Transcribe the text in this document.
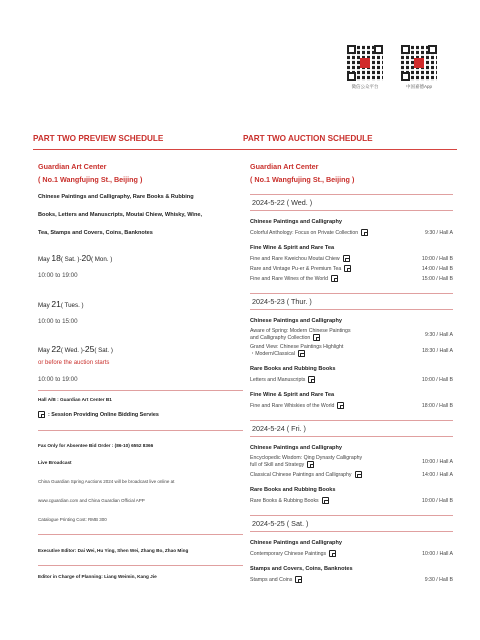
微信公众平台	中国嘉德App
PART TWO PREVIEW SCHEDULE
Guardian Art Center
( No.1 Wangfujing St., Beijing )
Chinese Paintings and Calligraphy, Rare Books & Rubbing
Books, Letters and Manuscripts, Moutai Chiew, Whisky, Wine,
Tea, Stamps and Covers, Coins, Banknotes
May 18( Sat. )-20( Mon. )
10:00 to 19:00
May 21( Tues. )
10:00 to 15:00
May 22( Wed. )-25( Sat. )
or before the auction starts
10:00 to 19:00
Hall A/B : Guardian Art Center B1
: Session Providing Online Bidding Servies
Fax Only for Absentee Bid Order : (86-10) 6552 8366
Live Broadcast
China Guardian Spring Auctions 2024 will be broadcast live online at
www.cguardian.com and China Guardian Official APP
Catalogue Printing Cost: RMB 300
Executive Editor: Dai Wei, Hu Ying, Shen Wei, Zhang Bo, Zhao Ming
Editor in Charge of Planning: Liang Weimin, Kang Jie
PART TWO AUCTION SCHEDULE
Guardian Art Center
( No.1 Wangfujing St., Beijing )
2024-5-22 ( Wed. )
Chinese Paintings and Calligraphy
Colorful Anthology: Focus on Private Collection	9:30 / Hall A
Fine Wine & Spirit and Rare Tea
Fine and Rare Kweichou Moutai Chiew	10:00 / Hall B
Rare and Vintage Pu-er & Premium Tea	14:00 / Hall B
Fine and Rare Wines of the World	15:00 / Hall B
2024-5-23 ( Thur. )
Chinese Paintings and Calligraphy
Aware of Spring: Modern Chinese Paintings
and Calligraphy Collection	9:30 / Hall A
Grand View: Chinese Paintings Highlight
・Modern/Classical	18:30 / Hall A
Rare Books and Rubbing Books
Letters and Manuscripts	10:00 / Hall B
Fine Wine & Spirit and Rare Tea
Fine and Rare Whiskies of the World	18:00 / Hall B
2024-5-24 ( Fri. )
Chinese Paintings and Calligraphy
Encyclopedic Wisdom: Qing Dynasty Calligraphy
full of Skill and Strategy	10:00 / Hall A
Classical Chinese Paintings and Calligraphy	14:00 / Hall A
Rare Books and Rubbing Books
Rare Books & Rubbing Books	10:00 / Hall B
2024-5-25 ( Sat. )
Chinese Paintings and Calligraphy
Contemporary Chinese Paintings	10:00 / Hall A
Stamps and Covers, Coins, Banknotes
Stamps and Coins	9:30 / Hall B
